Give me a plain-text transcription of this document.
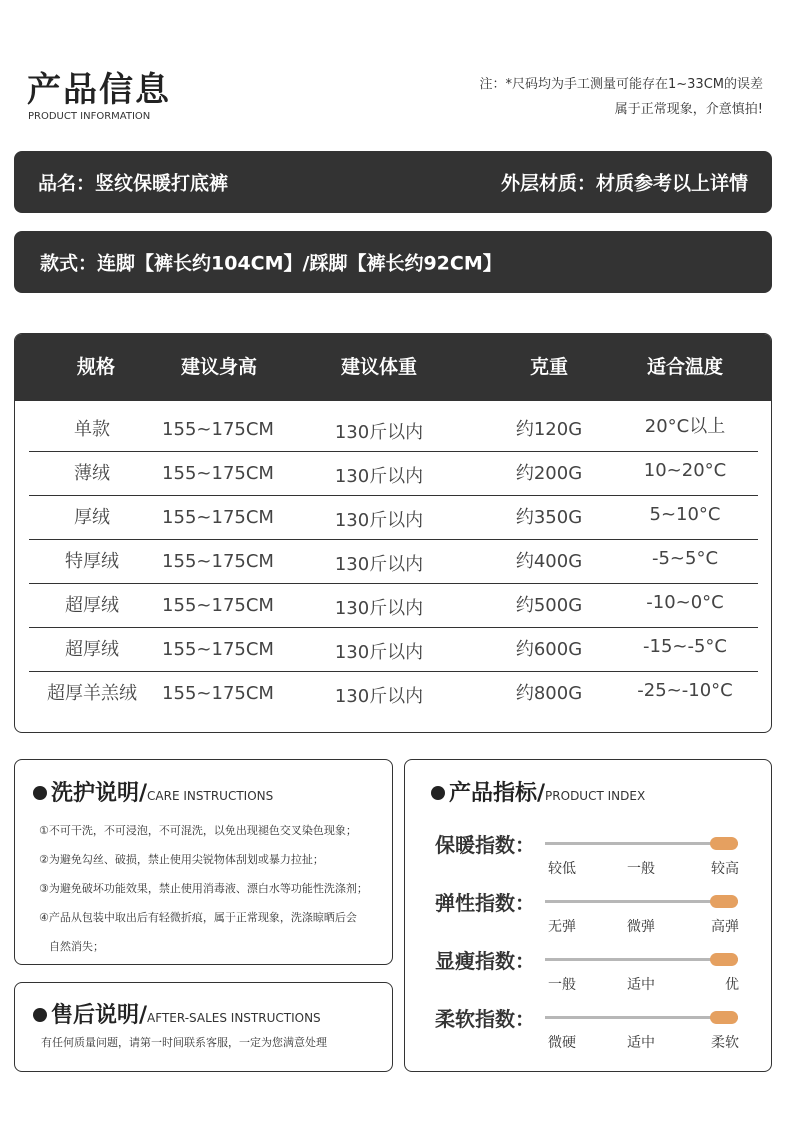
产品信息
PRODUCT INFORMATION
注：*尺码均为手工测量可能存在1~33CM的误差
属于正常现象，介意慎拍!
品名：竖纹保暖打底裤	外层材质：材质参考以上详情
款式：连脚【裤长约104CM】/踩脚【裤长约92CM】
规格	建议身高	建议体重	克重	适合温度
单款	155~175CM	130斤以内	约120G	20°C以上
薄绒	155~175CM	130斤以内	约200G	10~20°C
厚绒	155~175CM	130斤以内	约350G	5~10°C
特厚绒 155~175CM	130斤以内	约400G	-5~5°C
超厚绒 155~175CM	130斤以内	约500G	-10~0°C
超厚绒 155~175CM	130斤以内	约600G	-15~-5°C
超厚羊羔绒 155~175CM	130斤以内	约800G	-25~-10°C
洗护说明/CARE INSTRUCTIONS
①不可干洗，不可浸泡，不可混洗，以免出现褪色交叉染色现象；
②为避免勾丝、破损，禁止使用尖锐物体刮划或暴力拉扯；
③为避免破坏功能效果，禁止使用消毒液、漂白水等功能性洗涤剂；
④产品从包装中取出后有轻微折痕，属于正常现象，洗涤晾晒后会
自然消失；
售后说明/AFTER-SALES INSTRUCTIONS
有任何质量问题，请第一时间联系客服，一定为您满意处理
产品指标/PRODUCT INDEX
保暖指数：
较低	一般	较高
弹性指数：
无弹	微弹	高弹
显瘦指数：
一般	适中	优
柔软指数：
微硬	适中	柔软
